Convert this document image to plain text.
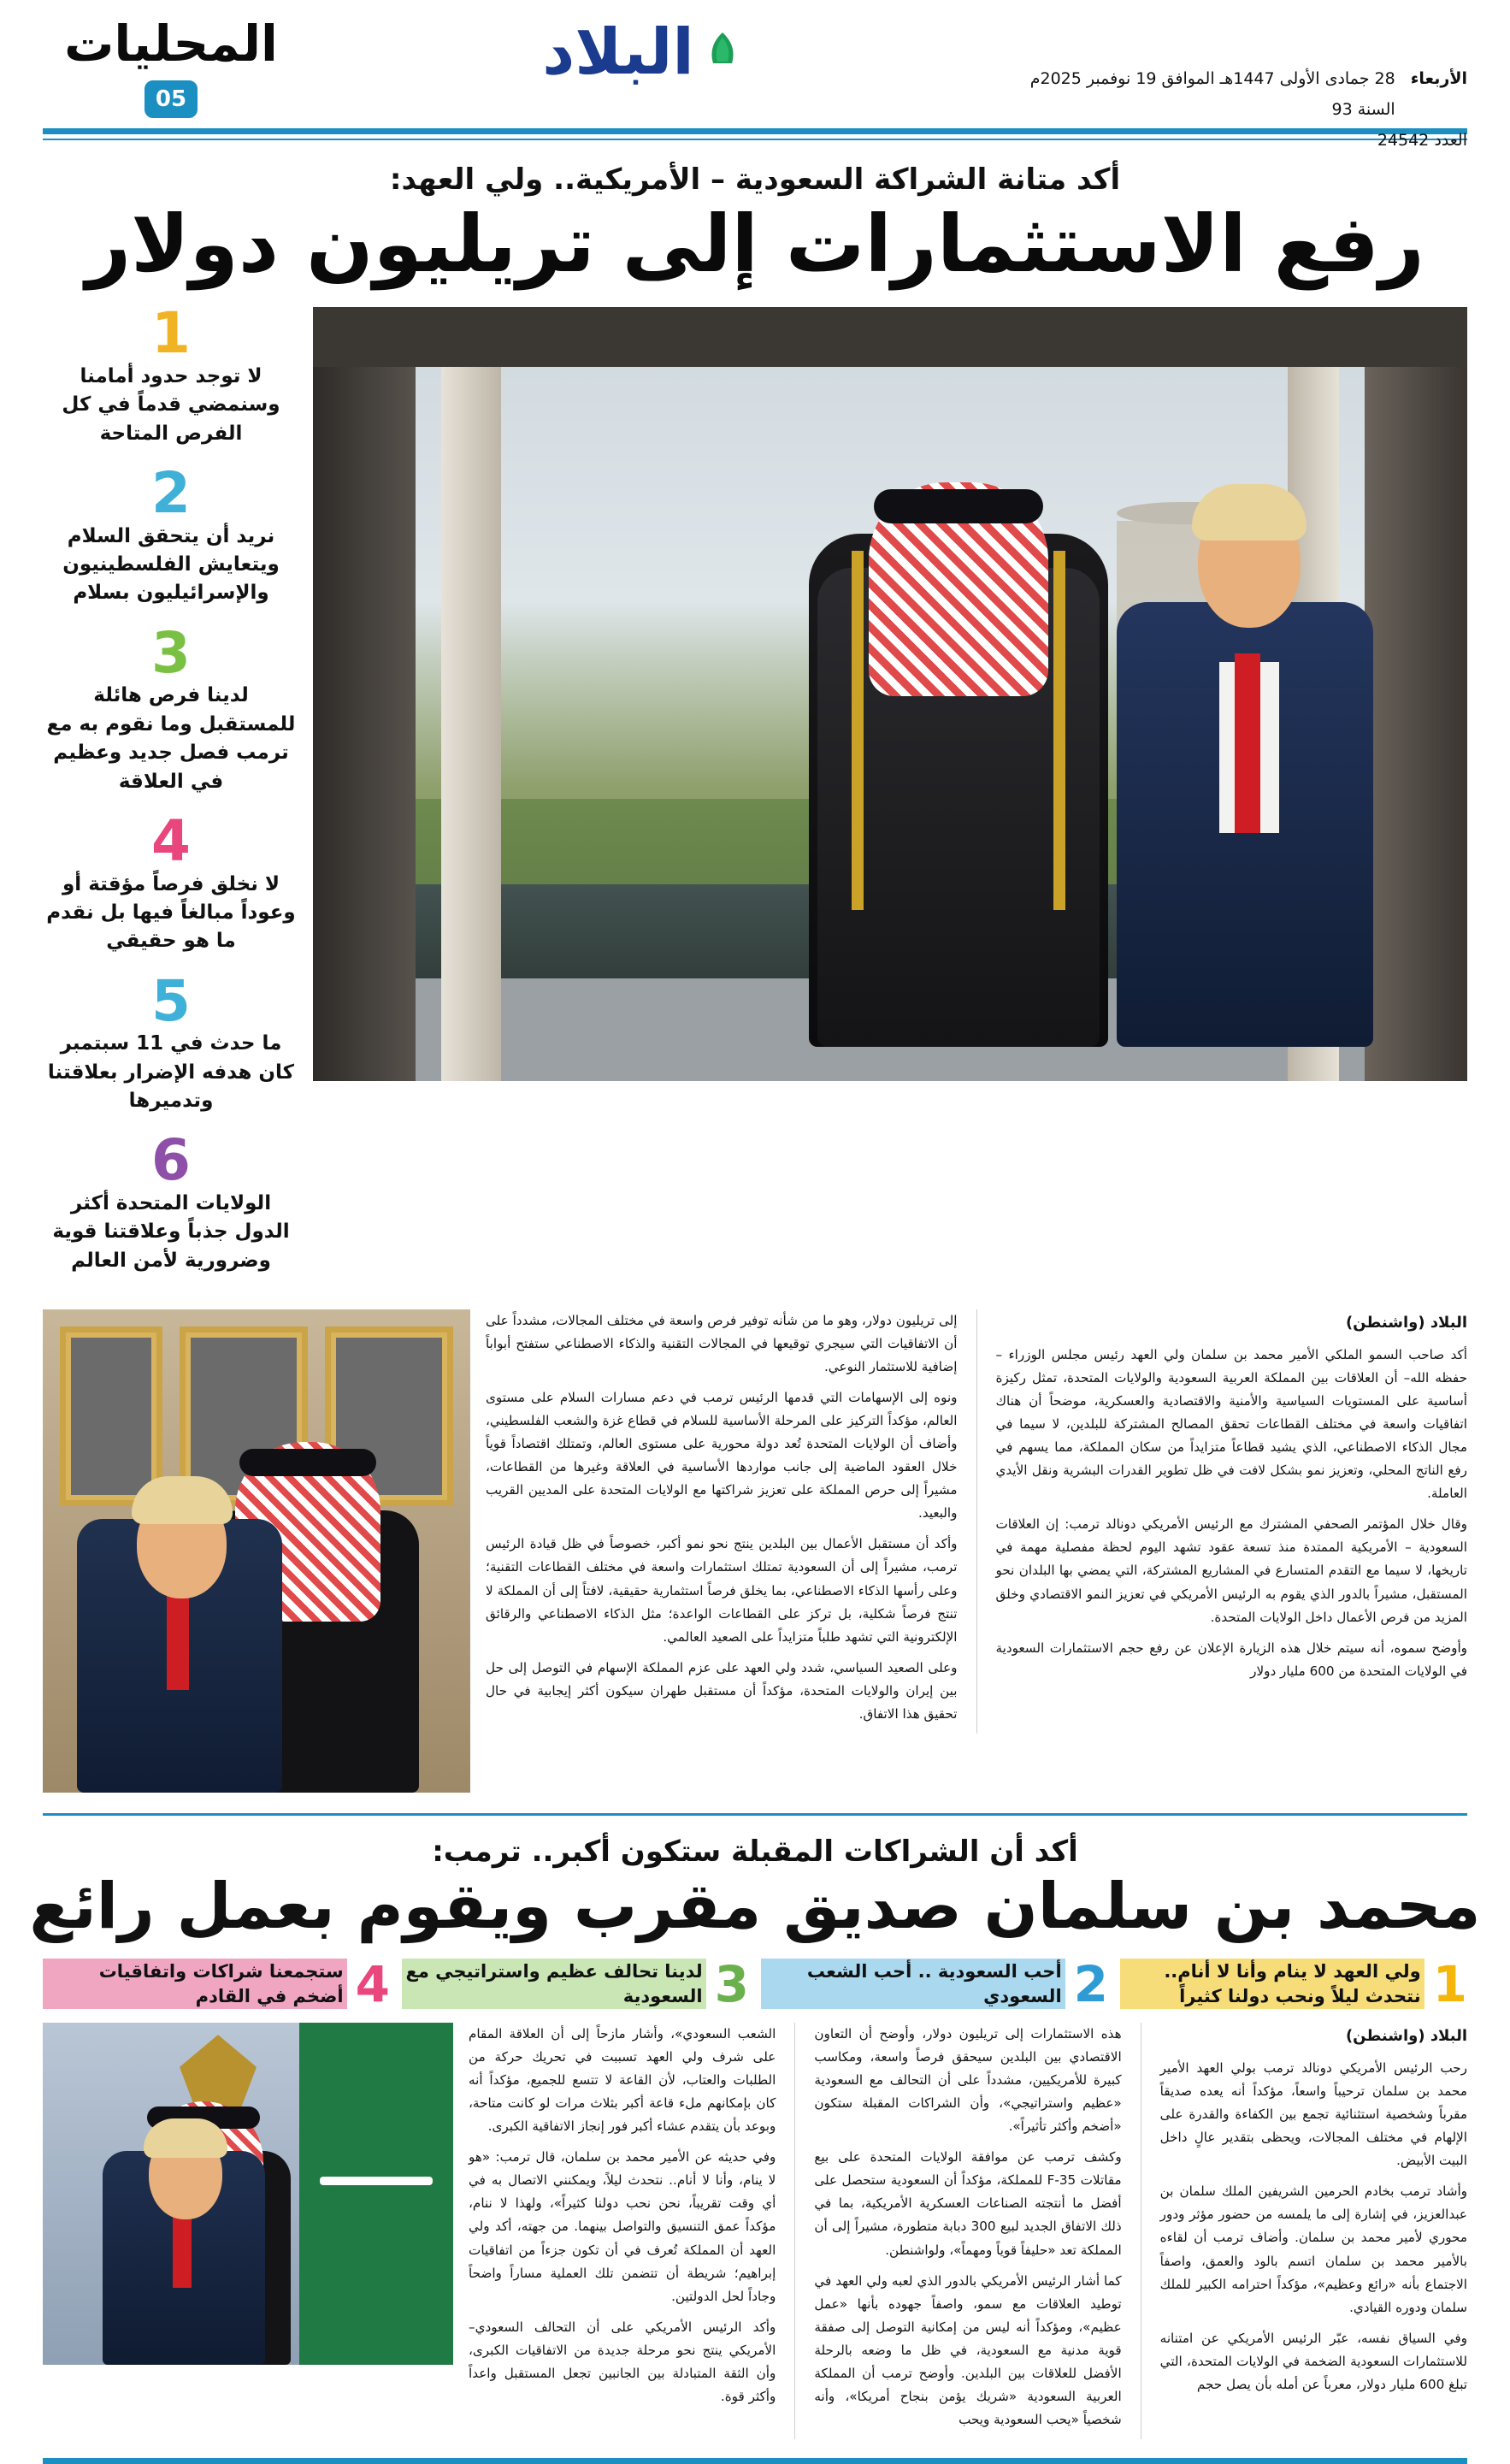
الأربعاء
28 جمادى الأولى 1447هـ الموافق 19 نوفمبر 2025م السنة 93
العدد 24542
البلاد
المحليات
05
أكد متانة الشراكة السعودية – الأمريكية.. ولي العهد:
رفع الاستثمارات إلى تريليون دولار
1
لا توجد حدود أمامنا وسنمضي قدماً في كل الفرص المتاحة
2
نريد أن يتحقق السلام ويتعايش الفلسطينيون والإسرائيليون بسلام
3
لدينا فرص هائلة للمستقبل وما نقوم به مع ترمب فصل جديد وعظيم في العلاقة
4
لا نخلق فرصاً مؤقتة أو وعوداً مبالغاً فيها بل نقدم ما هو حقيقي
5
ما حدث في 11 سبتمبر كان هدفه الإضرار بعلاقتنا وتدميرها
6
الولايات المتحدة أكثر الدول جذباً وعلاقتنا قوية وضرورية لأمن العالم
البلاد (واشنطن)

أكد صاحب السمو الملكي الأمير محمد بن سلمان ولي العهد رئيس مجلس الوزراء –حفظه الله– أن العلاقات بين المملكة العربية السعودية والولايات المتحدة، تمثل ركيزة أساسية على المستويات السياسية والأمنية والاقتصادية والعسكرية، موضحاً أن هناك اتفاقيات واسعة في مختلف القطاعات تحقق المصالح المشتركة للبلدين، لا سيما في مجال الذكاء الاصطناعي، الذي يشيد قطاعاً متزايداً من سكان المملكة، مما يسهم في رفع الناتج المحلي، وتعزيز نمو بشكل لافت في ظل تطوير القدرات البشرية ونقل الأيدي العاملة.

وقال خلال المؤتمر الصحفي المشترك مع الرئيس الأمريكي دونالد ترمب: إن العلاقات السعودية – الأمريكية الممتدة منذ تسعة عقود تشهد اليوم لحظة مفصلية مهمة في تاريخها، لا سيما مع التقدم المتسارع في المشاريع المشتركة، التي يمضي بها البلدان نحو المستقبل، مشيراً بالدور الذي يقوم به الرئيس الأمريكي في تعزيز النمو الاقتصادي وخلق المزيد من فرص الأعمال داخل الولايات المتحدة.

وأوضح سموه، أنه سيتم خلال هذه الزيارة الإعلان عن رفع حجم الاستثمارات السعودية في الولايات المتحدة من 600 مليار دولار

إلى تريليون دولار، وهو ما من شأنه توفير فرص واسعة في مختلف المجالات، مشدداً على أن الاتفاقيات التي سيجري توقيعها في المجالات التقنية والذكاء الاصطناعي ستفتح أبواباً إضافية للاستثمار النوعي.

ونوه إلى الإسهامات التي قدمها الرئيس ترمب في دعم مسارات السلام على مستوى العالم، مؤكداً التركيز على المرحلة الأساسية للسلام في قطاع غزة والشعب الفلسطيني، وأضاف أن الولايات المتحدة تُعد دولة محورية على مستوى العالم، وتمتلك اقتصاداً قوياً خلال العقود الماضية إلى جانب مواردها الأساسية في العلاقة وغيرها من القطاعات، مشيراً إلى حرص المملكة على تعزيز شراكتها مع الولايات المتحدة على المديين القريب والبعيد.

وأكد أن مستقبل الأعمال بين البلدين ينتج نحو نمو أكبر، خصوصاً في ظل قيادة الرئيس ترمب، مشيراً إلى أن السعودية تمتلك استثمارات واسعة في مختلف القطاعات التقنية؛ وعلى رأسها الذكاء الاصطناعي، بما يخلق فرصاً استثمارية حقيقية، لافتاً إلى أن المملكة لا تنتج فرصاً شكلية، بل تركز على القطاعات الواعدة؛ مثل الذكاء الاصطناعي والرقائق الإلكترونية التي تشهد طلباً متزايداً على الصعيد العالمي.

وعلى الصعيد السياسي، شدد ولي العهد على عزم المملكة الإسهام في التوصل إلى حل بين إيران والولايات المتحدة، مؤكداً أن مستقبل طهران سيكون أكثر إيجابية في حال تحقيق هذا الاتفاق.

أكد أن الشراكات المقبلة ستكون أكبر.. ترمب:
محمد بن سلمان صديق مقرب ويقوم بعمل رائع
1
ولي العهد لا ينام وأنا لا أنام.. نتحدث ليلاً ونحب دولنا كثيراً
2
أحب السعودية .. أحب الشعب السعودي
3
لدينا تحالف عظيم واستراتيجي مع السعودية
4
ستجمعنا شراكات واتفاقيات أضخم في القادم
البلاد (واشنطن)

رحب الرئيس الأمريكي دونالد ترمب بولي العهد الأمير محمد بن سلمان ترحيباً واسعاً، مؤكداً أنه يعده صديقاً مقرباً وشخصية استثنائية تجمع بين الكفاءة والقدرة على الإلهام في مختلف المجالات، ويحظى بتقدير عالٍ داخل البيت الأبيض.

وأشاد ترمب بخادم الحرمين الشريفين الملك سلمان بن عبدالعزيز، في إشارة إلى ما يلمسه من حضور مؤثر ودور محوري لأمير محمد بن سلمان. وأضاف ترمب أن لقاءه بالأمير محمد بن سلمان اتسم بالود والعمق، واصفاً الاجتماع بأنه «رائع وعظيم»، مؤكداً احترامه الكبير للملك سلمان ودوره القيادي.

وفي السياق نفسه، عبّر الرئيس الأمريكي عن امتنانه للاستثمارات السعودية الضخمة في الولايات المتحدة، التي تبلغ 600 مليار دولار، معرباً عن أمله بأن يصل حجم

هذه الاستثمارات إلى تريليون دولار، وأوضح أن التعاون الاقتصادي بين البلدين سيحقق فرصاً واسعة، ومكاسب كبيرة للأمريكيين، مشدداً على أن التحالف مع السعودية «عظيم واستراتيجي»، وأن الشراكات المقبلة ستكون «أضخم وأكثر تأثيراً».

وكشف ترمب عن موافقة الولايات المتحدة على بيع مقاتلات F-35 للمملكة، مؤكداً أن السعودية ستحصل على أفضل ما أنتجته الصناعات العسكرية الأمريكية، بما في ذلك الاتفاق الجديد لبيع 300 دبابة متطورة، مشيراً إلى أن المملكة تعد «حليفاً قوياً ومهماً»، ولواشنطن.

كما أشار الرئيس الأمريكي بالدور الذي لعبه ولي العهد في توطيد العلاقات مع سمو، واصفاً جهوده بأنها «عمل عظيم»، ومؤكداً أنه ليس من إمكانية التوصل إلى صفقة قوية مدنية مع السعودية، في ظل ما وضعه بالرحلة الأفضل للعلاقات بين البلدين. وأوضح ترمب أن المملكة العربية السعودية «شريك يؤمن بنجاح أمريكا»، وأنه شخصياً «يحب السعودية ويحب

الشعب السعودي»، وأشار مازحاً إلى أن العلاقة المقام على شرف ولي العهد تسببت في تحريك حركة من الطلبات والعتاب، لأن القاعة لا تتسع للجميع، مؤكداً أنه كان بإمكانهم ملء قاعة أكبر بثلاث مرات لو كانت متاحة، وبوعد بأن يتقدم عشاء أكبر فور إنجاز الاتفاقية الكبرى.

وفي حديثه عن الأمير محمد بن سلمان، قال ترمب: «هو لا ينام، وأنا لا أنام.. نتحدث ليلاً، ويمكنني الاتصال به في أي وقت تقريباً، نحن نحب دولنا كثيراً»، ولهذا لا ننام، مؤكداً عمق التنسيق والتواصل بينهما. من جهته، أكد ولي العهد أن المملكة تُعرف في أن تكون جزءاً من اتفاقيات إبراهيم؛ شريطة أن تتضمن تلك العملية مساراً واضحاً وجاداً لحل الدولتين.

وأكد الرئيس الأمريكي على أن التحالف السعودي–الأمريكي ينتج نحو مرحلة جديدة من الاتفاقيات الكبرى، وأن الثقة المتبادلة بين الجانبين تجعل المستقبل واعداً وأكثر قوة.
